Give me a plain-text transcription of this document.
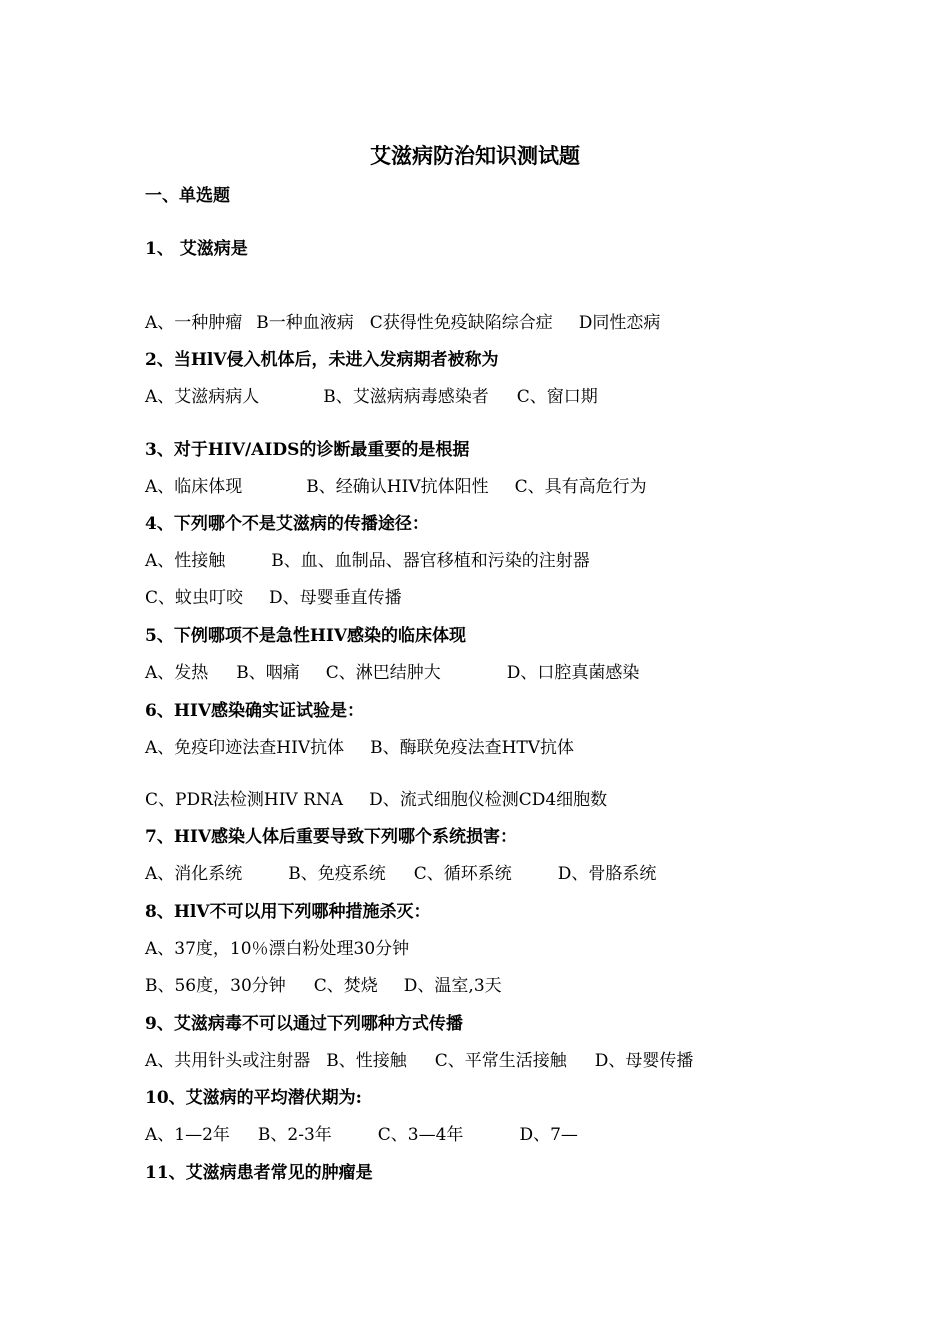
艾滋病防治知识测试题
一、单选题
1、 艾滋病是
A、一种肿瘤 B一种血液病 C获得性免疫缺陷综合症 D同性恋病
2、当HlV侵入机体后，未进入发病期者被称为
A、艾滋病病人	B、艾滋病病毒感染者 C、窗口期
3、对于HIV/AIDS的诊断最重要的是根据
A、临床体现	B、经确认HIV抗体阳性 C、具有高危行为
4、下列哪个不是艾滋病的传播途径：
A、性接触	B、血、血制品、器官移植和污染的注射器
C、蚊虫叮咬 D、母婴垂直传播
5、下例哪项不是急性HIV感染的临床体现
A、发热 B、咽痛 C、淋巴结肿大	D、口腔真菌感染
6、HIV感染确实证试验是：
A、免疫印迹法查HIV抗体 B、酶联免疫法查HTV抗体
C、PDR法检测HIV RNA D、流式细胞仪检测CD4细胞数
7、HIV感染人体后重要导致下列哪个系统损害：
A、消化系统	B、免疫系统 C、循环系统	D、骨胳系统
8、HlV不可以用下列哪种措施杀灭：
A、37度，10％漂白粉处理30分钟
B、56度，30分钟 C、焚烧 D、温室,3天
9、艾滋病毒不可以通过下列哪种方式传播
A、共用针头或注射器 B、性接触 C、平常生活接触 D、母婴传播
10、艾滋病的平均潜伏期为:
A、1—2年 B、2-3年	C、3—4年	D、7—
11、艾滋病患者常见的肿瘤是
